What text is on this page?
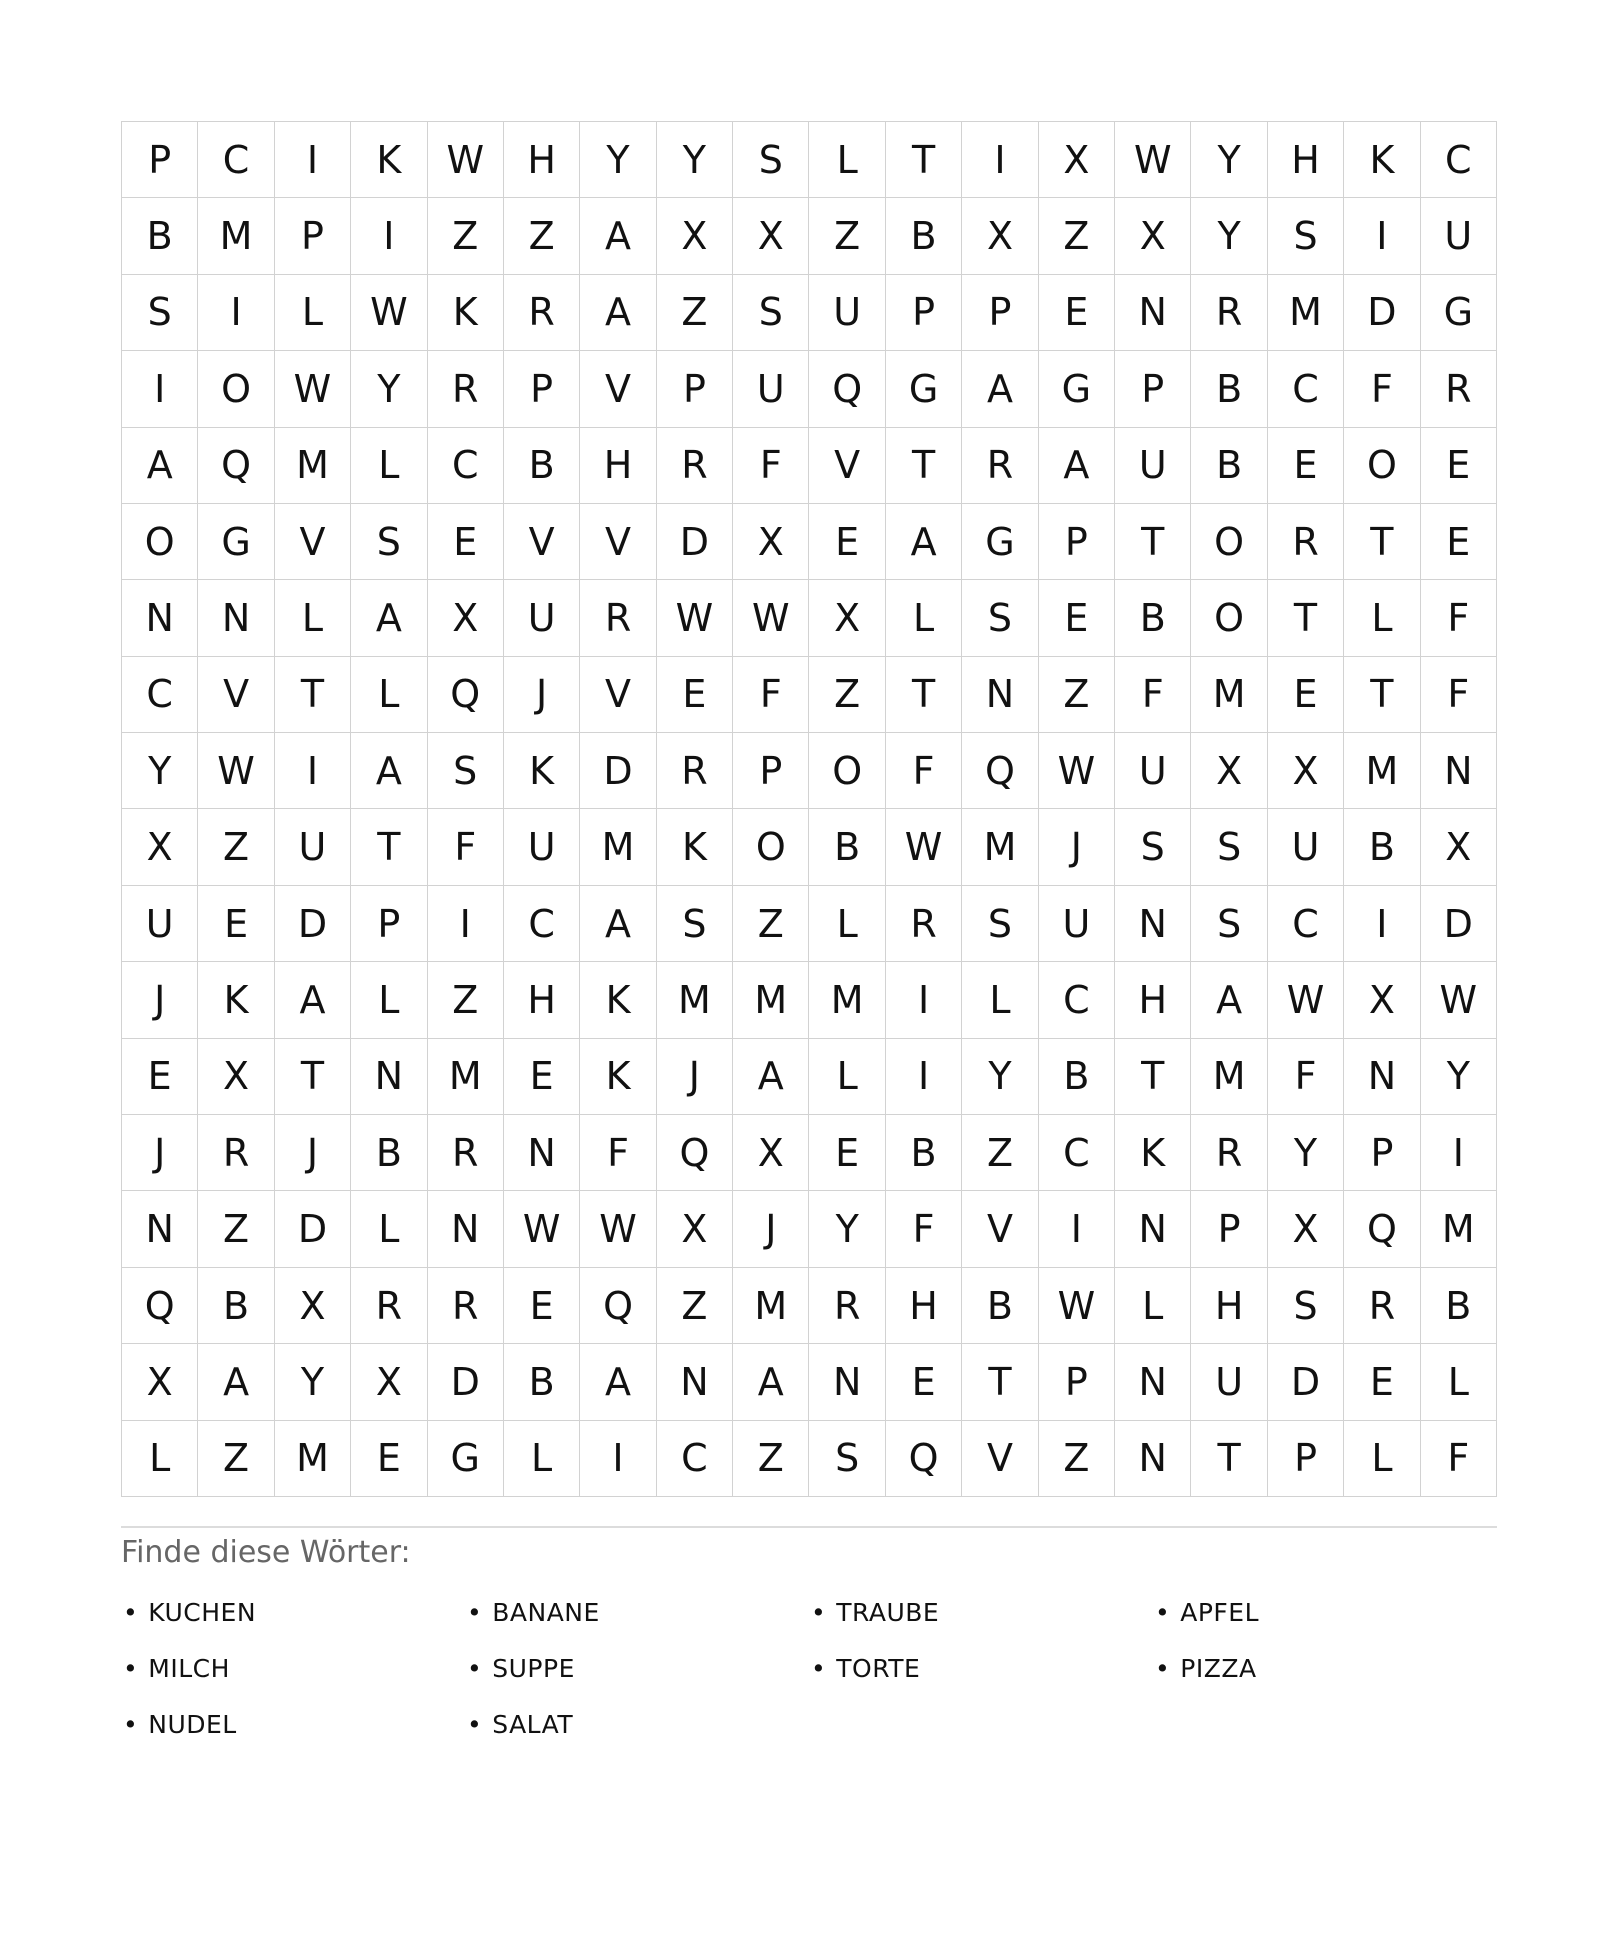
P	C	I	K	W	H	Y	Y	S	L	T	I	X	W	Y	H	K	C
B	M	P	I	Z	Z	A	X	X	Z	B	X	Z	X	Y	S	I	U
S	I	L	W	K	R	A	Z	S	U	P	P	E	N	R	M	D	G
I	O	W	Y	R	P	V	P	U	Q	G	A	G	P	B	C	F	R
A	Q	M	L	C	B	H	R	F	V	T	R	A	U	B	E	O	E
O	G	V	S	E	V	V	D	X	E	A	G	P	T	O	R	T	E
N	N	L	A	X	U	R	W	W	X	L	S	E	B	O	T	L	F
C	V	T	L	Q	J	V	E	F	Z	T	N	Z	F	M	E	T	F
Y	W	I	A	S	K	D	R	P	O	F	Q	W	U	X	X	M	N
X	Z	U	T	F	U	M	K	O	B	W	M	J	S	S	U	B	X
U	E	D	P	I	C	A	S	Z	L	R	S	U	N	S	C	I	D
J	K	A	L	Z	H	K	M	M	M	I	L	C	H	A	W	X	W
E	X	T	N	M	E	K	J	A	L	I	Y	B	T	M	F	N	Y
J	R	J	B	R	N	F	Q	X	E	B	Z	C	K	R	Y	P	I
N	Z	D	L	N	W	W	X	J	Y	F	V	I	N	P	X	Q	M
Q	B	X	R	R	E	Q	Z	M	R	H	B	W	L	H	S	R	B
X	A	Y	X	D	B	A	N	A	N	E	T	P	N	U	D	E	L
L	Z	M	E	G	L	I	C	Z	S	Q	V	Z	N	T	P	L	F
Finde diese Wörter:
• KUCHEN	• BANANE	• TRAUBE	• APFEL
• MILCH	• SUPPE	• TORTE	• PIZZA
• NUDEL	• SALAT
